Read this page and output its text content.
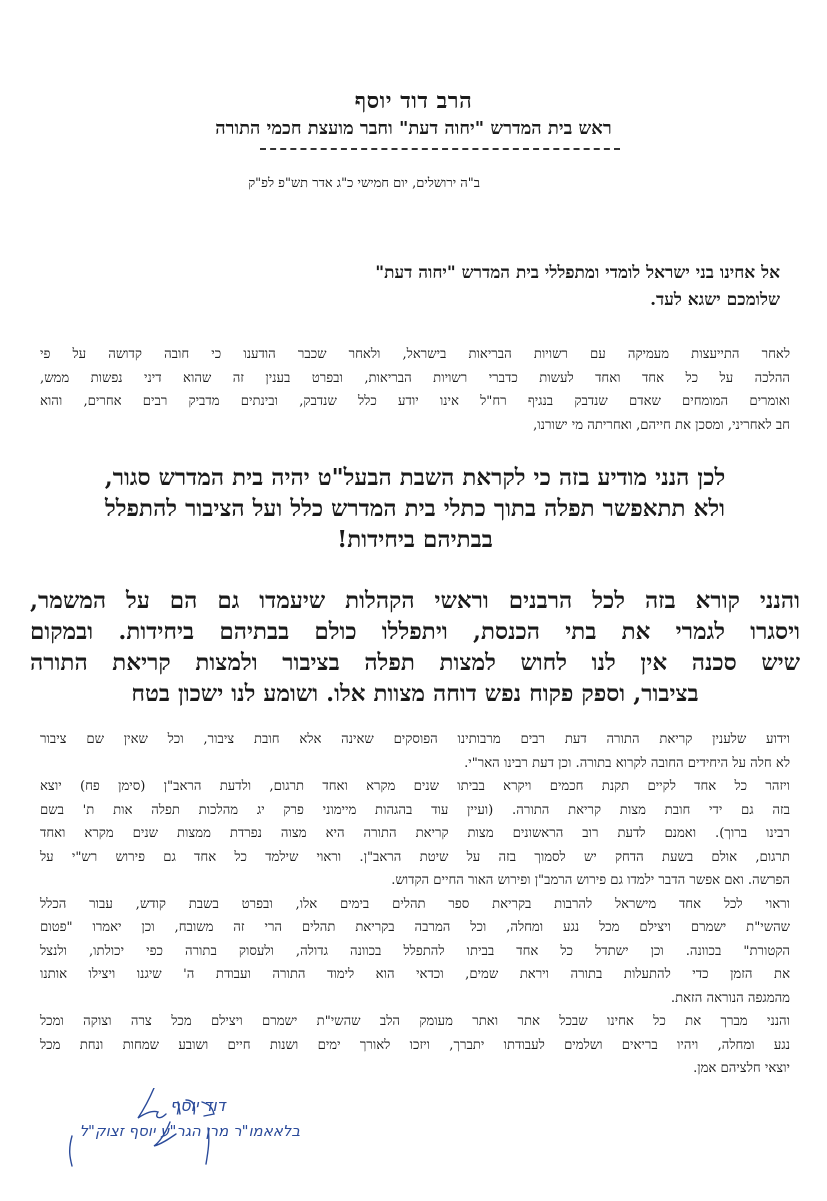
הרב דוד יוסף
ראש בית המדרש "יחוה דעת" וחבר מועצת חכמי התורה
ב"ה ירושלים, יום חמישי כ"ג אדר תש"פ לפ"ק
אל אחינו בני ישראל לומדי ומתפללי בית המדרש "יחוה דעת"
שלומכם ישגא לעד.
לאחר התייעצות מעמיקה עם רשויות הבריאות בישראל, ולאחר שכבר הודענו כי חובה קדושה על פי
ההלכה על כל אחד ואחד לעשות כדברי רשויות הבריאות, ובפרט בענין זה שהוא דיני נפשות ממש,
ואומרים המומחים שאדם שנדבק בנגיף רח"ל אינו יודע כלל שנדבק, ובינתים מדביק רבים אחרים, והוא
חב לאחריני, ומסכן את חייהם, ואחריתה מי ישורנו,
לכן הנני מודיע בזה כי לקראת השבת הבעל"ט יהיה בית המדרש סגור,
ולא תתאפשר תפלה בתוך כתלי בית המדרש כלל ועל הציבור להתפלל
בבתיהם ביחידות!
והנני קורא בזה לכל הרבנים וראשי הקהלות שיעמדו גם הם על המשמר,
ויסגרו לגמרי את בתי הכנסת, ויתפללו כולם בבתיהם ביחידות. ובמקום
שיש סכנה אין לנו לחוש למצות תפלה בציבור ולמצות קריאת התורה
בציבור, וספק פקוח נפש דוחה מצוות אלו. ושומע לנו ישכון בטח
וידוע שלענין קריאת התורה דעת רבים מרבותינו הפוסקים שאינה אלא חובת ציבור, וכל שאין שם ציבור
לא חלה על היחידים החובה לקרוא בתורה. וכן דעת רבינו האר"י.
ויזהר כל אחד לקיים תקנת חכמים ויקרא בביתו שנים מקרא ואחד תרגום, ולדעת הראב"ן (סימן פח) יוצא
בזה גם ידי חובת מצות קריאת התורה. (ועיין עוד בהגהות מיימוני פרק יג מהלכות תפלה אות ת' בשם
רבינו ברוך). ואמנם לדעת רוב הראשונים מצות קריאת התורה היא מצוה נפרדת ממצות שנים מקרא ואחד
תרגום, אולם בשעת הדחק יש לסמוך בזה על שיטת הראב"ן. וראוי שילמד כל אחד גם פירוש רש"י על
הפרשה. ואם אפשר הדבר ילמדו גם פירוש הרמב"ן ופירוש האור החיים הקדוש.
וראוי לכל אחד מישראל להרבות בקריאת ספר תהלים בימים אלו, ובפרט בשבת קודש, עבור הכלל
שהשי"ת ישמרם ויצילם מכל נגע ומחלה, וכל המרבה בקריאת תהלים הרי זה משובח, וכן יאמרו "פטום
הקטורת" בכוונה. וכן ישתדל כל אחד בביתו להתפלל בכוונה גדולה, ולעסוק בתורה כפי יכולתו, ולנצל
את הזמן כדי להתעלות בתורה ויראת שמים, וכדאי הוא לימוד התורה ועבודת ה' שיגנו ויצילו אותנו
מהמגפה הנוראה הזאת.
והנני מברך את כל אחינו שבכל אתר ואתר מעומק הלב שהשי"ת ישמרם ויצילם מכל צרה וצוקה ומכל
נגע ומחלה, ויהיו בריאים ושלמים לעבודתו יתברך, ויזכו לאורך ימים ושנות חיים ושובע שמחות ונחת מכל
יוצאי חלציהם אמן.
דוד יוסף
בלאאמו"ר מרן הגר"ע יוסף זצוק"ל
